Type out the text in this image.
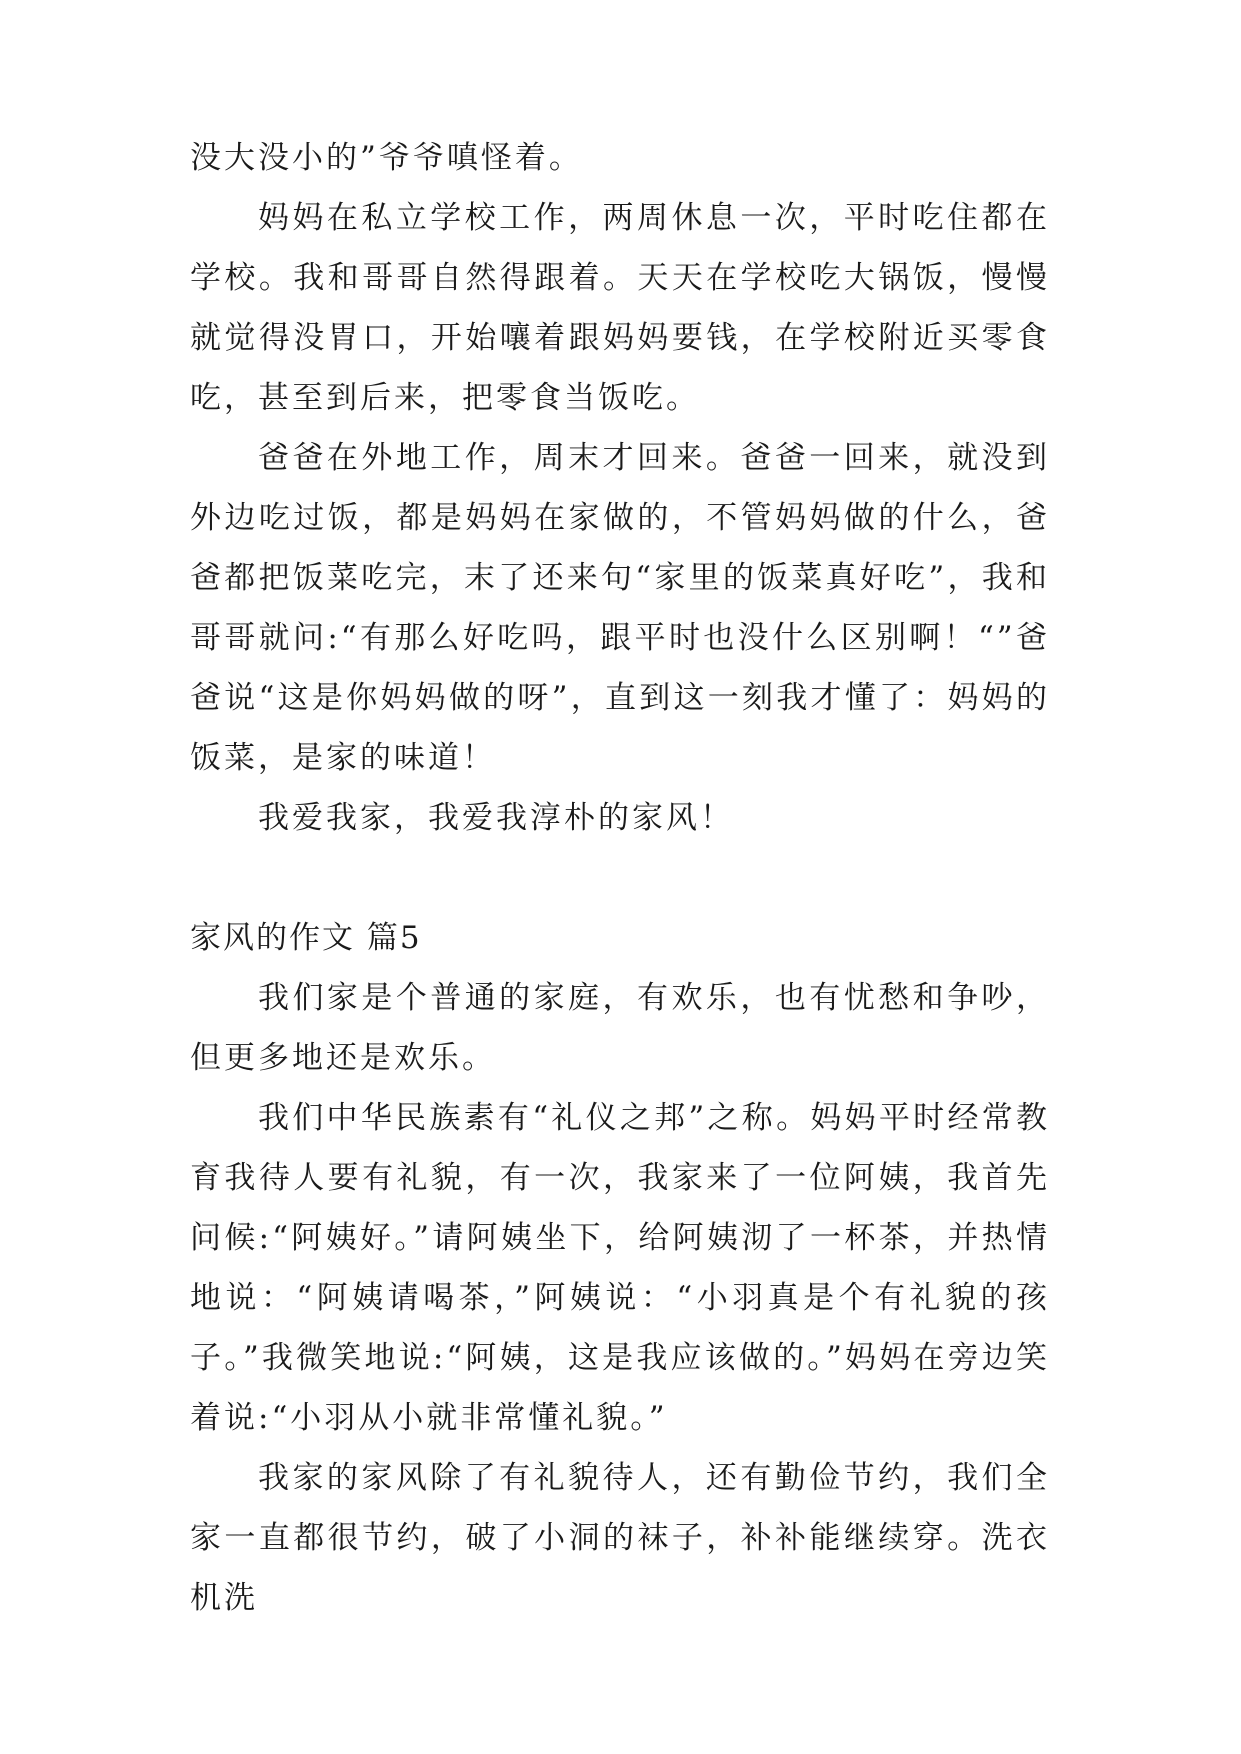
没大没小的”爷爷嗔怪着。

妈妈在私立学校工作，两周休息一次，平时吃住都在学校。我和哥哥自然得跟着。天天在学校吃大锅饭，慢慢就觉得没胃口，开始嚷着跟妈妈要钱，在学校附近买零食吃，甚至到后来，把零食当饭吃。

爸爸在外地工作，周末才回来。爸爸一回来，就没到外边吃过饭，都是妈妈在家做的，不管妈妈做的什么，爸爸都把饭菜吃完，末了还来句“家里的饭菜真好吃”，我和哥哥就问:“有那么好吃吗，跟平时也没什么区别啊！“”爸爸说“这是你妈妈做的呀”，直到这一刻我才懂了：妈妈的饭菜，是家的味道！

我爱我家，我爱我淳朴的家风！

家风的作文 篇5

我们家是个普通的家庭，有欢乐，也有忧愁和争吵，但更多地还是欢乐。

我们中华民族素有“礼仪之邦”之称。妈妈平时经常教育我待人要有礼貌，有一次，我家来了一位阿姨，我首先问候:“阿姨好。”请阿姨坐下，给阿姨沏了一杯茶，并热情地说：“阿姨请喝茶，”阿姨说：“小羽真是个有礼貌的孩子。”我微笑地说:“阿姨，这是我应该做的。”妈妈在旁边笑着说:“小羽从小就非常懂礼貌。”

我家的家风除了有礼貌待人，还有勤俭节约，我们全家一直都很节约，破了小洞的袜子，补补能继续穿。洗衣机洗
